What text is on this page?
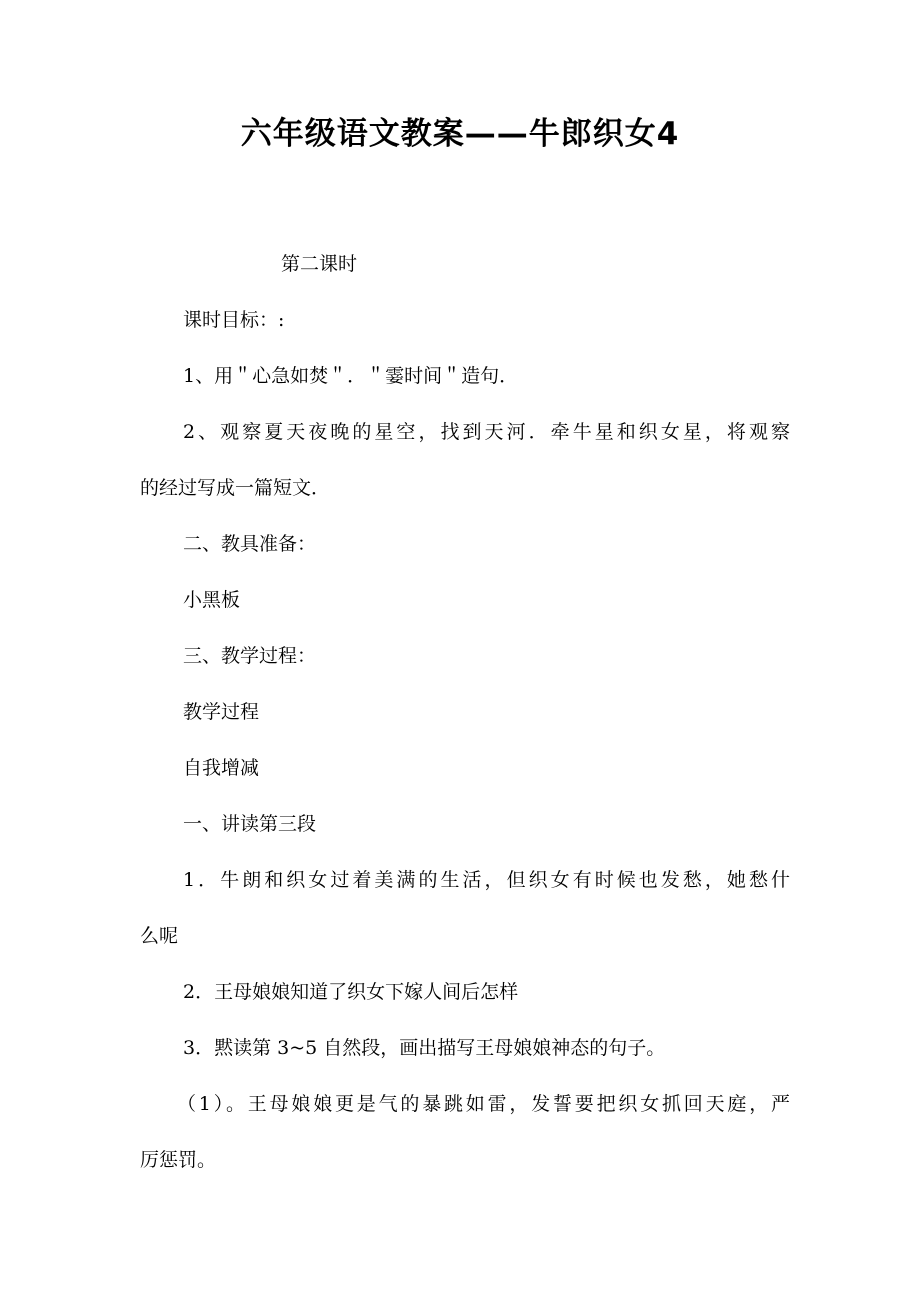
六年级语文教案——牛郎织女4

第二课时

课时目标：:

1、用＂心急如焚＂．＂霎时间＂造句．

2、观察夏天夜晚的星空，找到天河．牵牛星和织女星，将观察

的经过写成一篇短文．

二、教具准备：

小黑板

三、教学过程：

教学过程

自我增减

一、讲读第三段

1．牛朗和织女过着美满的生活，但织女有时候也发愁，她愁什

么呢

2．王母娘娘知道了织女下嫁人间后怎样

3．黙读第 3~5 自然段，画出描写王母娘娘神态的句子。

（1）。王母娘娘更是气的暴跳如雷，发誓要把织女抓回天庭，严

厉惩罚。
